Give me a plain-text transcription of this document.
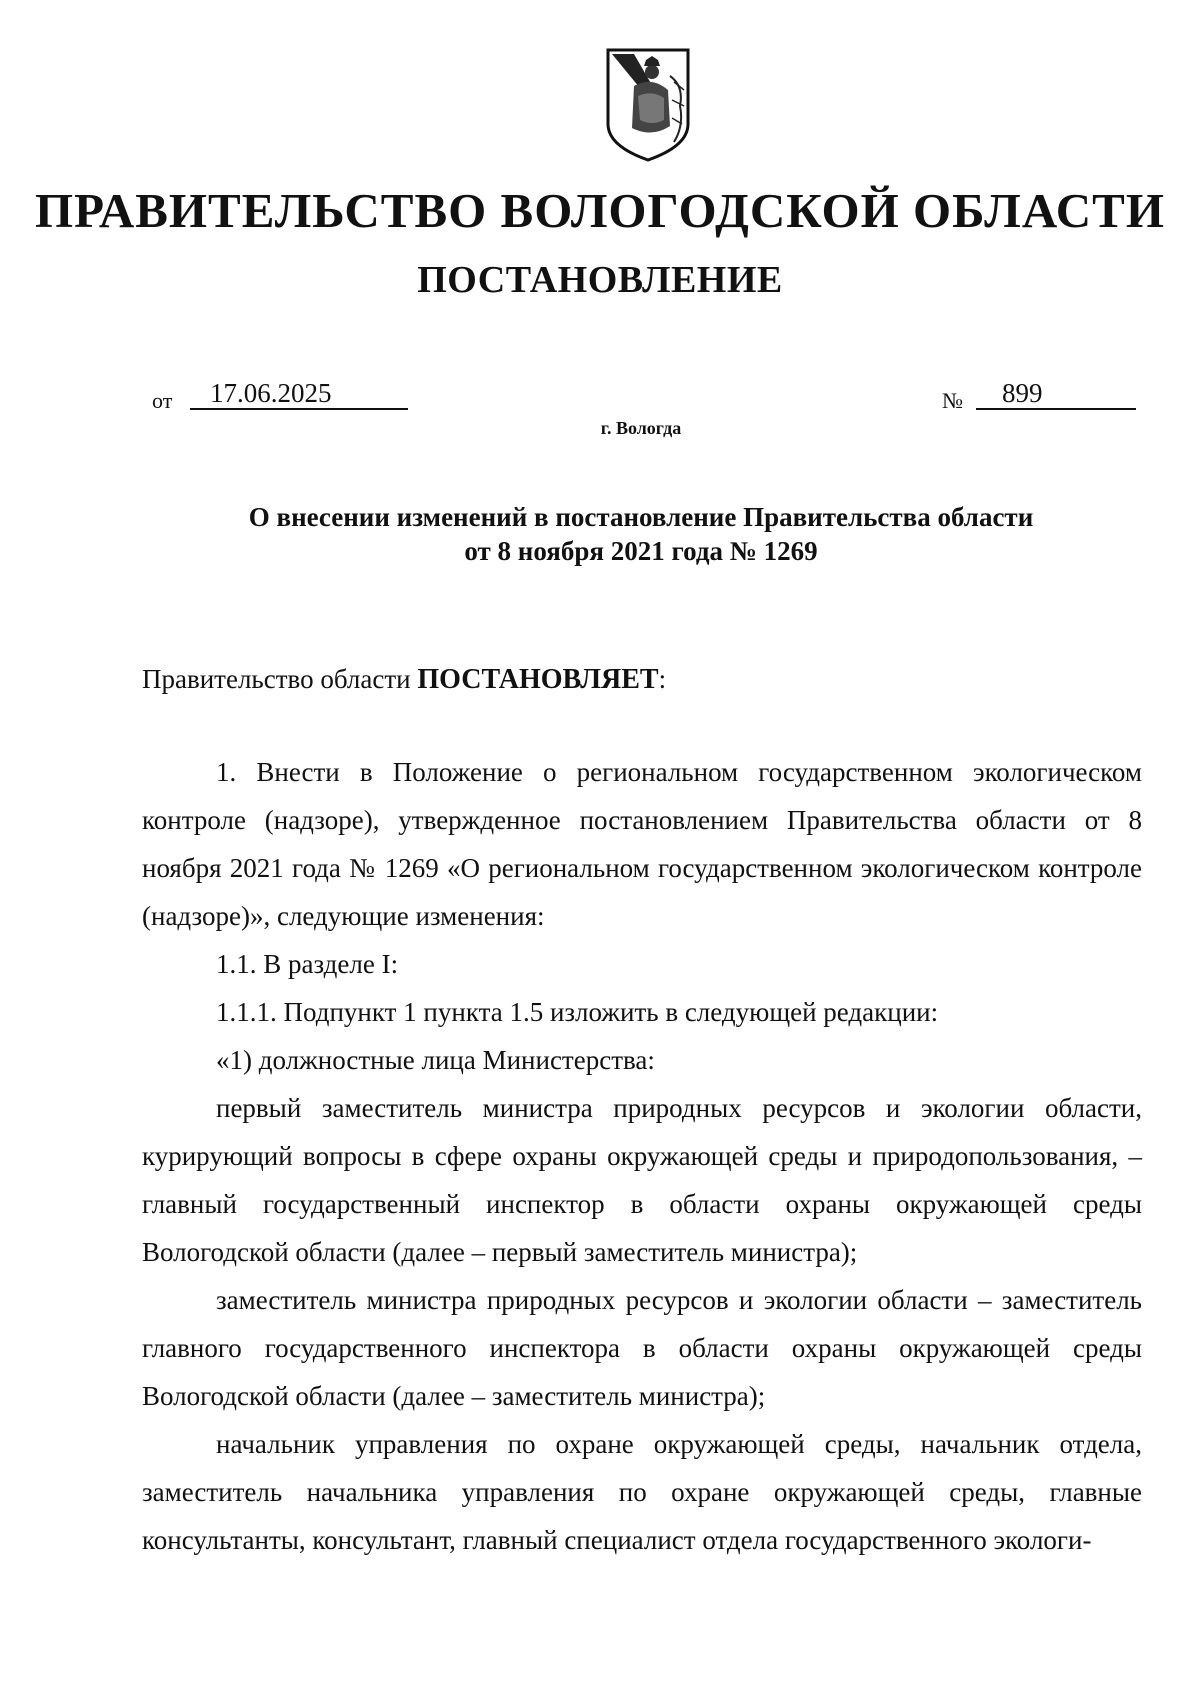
ПРАВИТЕЛЬСТВО ВОЛОГОДСКОЙ ОБЛАСТИ
ПОСТАНОВЛЕНИЕ
от	17.06.2025	№	899
г. Вологда
О внесении изменений в постановление Правительства области
от 8 ноября 2021 года № 1269
Правительство области ПОСТАНОВЛЯЕТ:

1. Внести в Положение о региональном государственном экологическом контроле (надзоре), утвержденное постановлением Правительства области от 8 ноября 2021 года № 1269 «О региональном государственном экологическом контроле (надзоре)», следующие изменения:

1.1. В разделе I:

1.1.1. Подпункт 1 пункта 1.5 изложить в следующей редакции:

«1) должностные лица Министерства:

первый заместитель министра природных ресурсов и экологии области, курирующий вопросы в сфере охраны окружающей среды и природопользования, – главный государственный инспектор в области охраны окружающей среды Вологодской области (далее – первый заместитель министра);

заместитель министра природных ресурсов и экологии области – заместитель главного государственного инспектора в области охраны окружающей среды Вологодской области (далее – заместитель министра);

начальник управления по охране окружающей среды, начальник отдела, заместитель начальника управления по охране окружающей среды, главные консультанты, консультант, главный специалист отдела государственного экологи-
